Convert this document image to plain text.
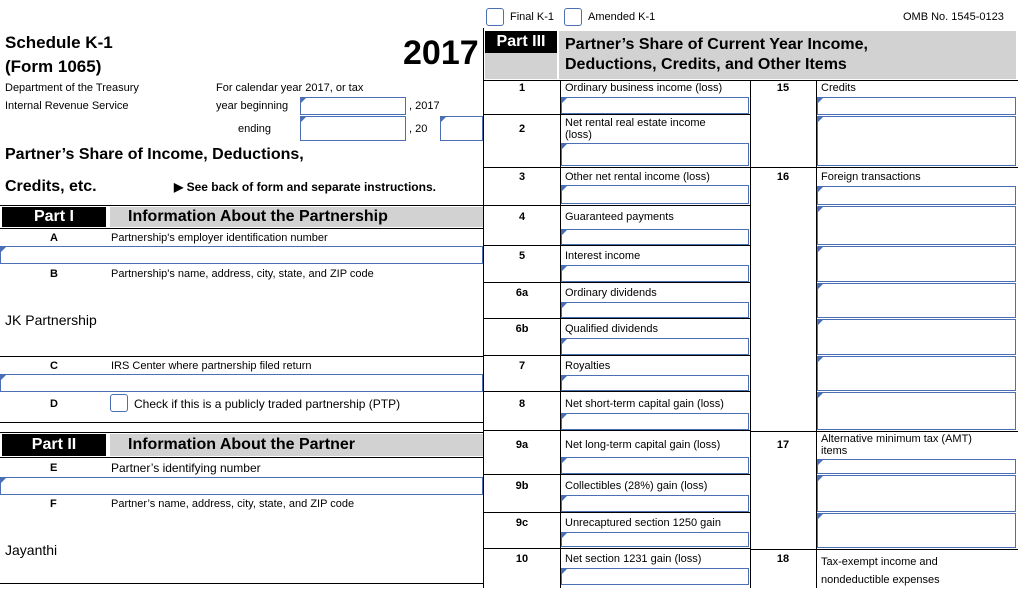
Final K-1	Amended K-1	OMB No. 1545-0123
Schedule K-1
(Form 1065)	2017
Department of the Treasury
Internal Revenue Service
For calendar year 2017, or tax
year beginning	, 2017
ending	, 20
Partner’s Share of Income, Deductions,
Credits, etc.	▶ See back of form and separate instructions.
Part I	Information About the Partnership
A	Partnership's employer identification number
B	Partnership's name, address, city, state, and ZIP code
JK Partnership
C	IRS Center where partnership filed return
D	Check if this is a publicly traded partnership (PTP)
Part II	Information About the Partner
E	Partner’s identifying number
F	Partner’s name, address, city, state, and ZIP code
Jayanthi
Part III	Partner’s Share of Current Year Income,
Deductions, Credits, and Other Items
1	Ordinary business income (loss)
2	Net rental real estate income (loss)
3	Other net rental income (loss)
4	Guaranteed payments
5	Interest income
6a	Ordinary dividends
6b	Qualified dividends
7	Royalties
8	Net short-term capital gain (loss)
9a	Net long-term capital gain (loss)
9b	Collectibles (28%) gain (loss)
9c	Unrecaptured section 1250 gain
10	Net section 1231 gain (loss)
15	Credits
16	Foreign transactions
17	Alternative minimum tax (AMT) items
18	Tax-exempt income and nondeductible expenses
